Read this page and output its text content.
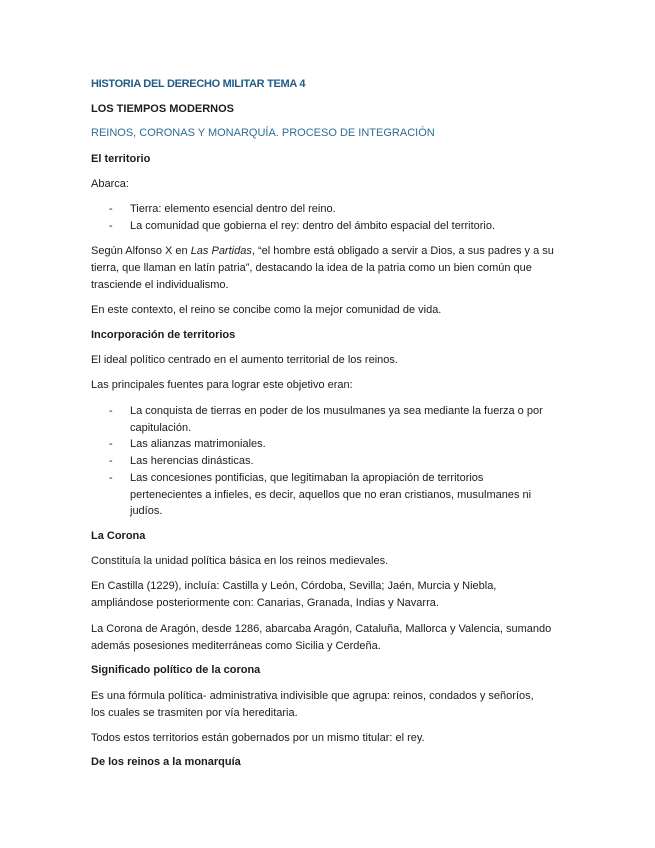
HISTORIA DEL DERECHO MILITAR TEMA 4
LOS TIEMPOS MODERNOS
REINOS, CORONAS Y MONARQUÍA. PROCESO DE INTEGRACIÓN
El territorio
Abarca:
- Tierra: elemento esencial dentro del reino.
- La comunidad que gobierna el rey: dentro del ámbito espacial del territorio.
Según Alfonso X en Las Partidas, “el hombre está obligado a servir a Dios, a sus padres y a su
tierra, que llaman en latín patria”, destacando la idea de la patria como un bien común que
trasciende el individualismo.
En este contexto, el reino se concibe como la mejor comunidad de vida.
Incorporación de territorios
El ideal político centrado en el aumento territorial de los reinos.
Las principales fuentes para lograr este objetivo eran:
- La conquista de tierras en poder de los musulmanes ya sea mediante la fuerza o por
capitulación.
- Las alianzas matrimoniales.
- Las herencias dinásticas.
- Las concesiones pontificias, que legitimaban la apropiación de territorios
pertenecientes a infieles, es decir, aquellos que no eran cristianos, musulmanes ni
judíos.
La Corona
Constituía la unidad política básica en los reinos medievales.
En Castilla (1229), incluía: Castilla y León, Córdoba, Sevilla; Jaén, Murcia y Niebla,
ampliándose posteriormente con: Canarias, Granada, Indias y Navarra.
La Corona de Aragón, desde 1286, abarcaba Aragón, Cataluña, Mallorca y Valencia, sumando
además posesiones mediterráneas como Sicilia y Cerdeña.
Significado político de la corona
Es una fórmula política- administrativa indivisible que agrupa: reinos, condados y señoríos,
los cuales se trasmiten por vía hereditaria.
Todos estos territorios están gobernados por un mismo titular: el rey.
De los reinos a la monarquía
